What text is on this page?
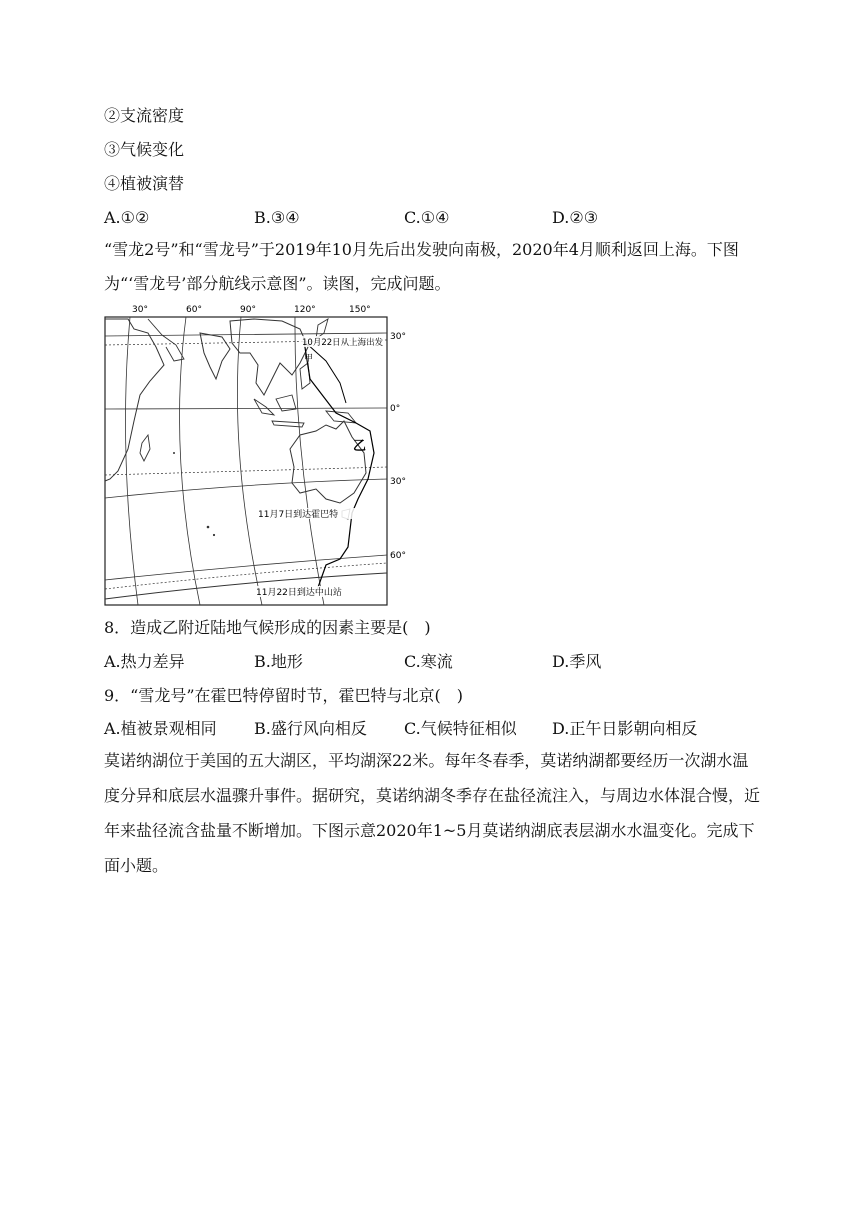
②支流密度
③气候变化
④植被演替
A.①②	B.③④	C.①④	D.②③
“雪龙2号”和“雪龙号”于2019年10月先后出发驶向南极，2020年4月顺利返回上海。下图为“‘雪龙号’部分航线示意图”。读图，完成问题。
30°	60°	90°	120°	150°
30°
0°
30°
60°
10月22日从上海出发
甲
乙
11月7日到达霍巴特
11月22日到达中山站
8．造成乙附近陆地气候形成的因素主要是(　)
A.热力差异	B.地形	C.寒流	D.季风
9．“雪龙号”在霍巴特停留时节，霍巴特与北京(　)
A.植被景观相同 B.盛行风向相反 C.气候特征相似 D.正午日影朝向相反
莫诺纳湖位于美国的五大湖区，平均湖深22米。每年冬春季，莫诺纳湖都要经历一次湖水温度分异和底层水温骤升事件。据研究，莫诺纳湖冬季存在盐径流注入，与周边水体混合慢，近年来盐径流含盐量不断增加。下图示意2020年1~5月莫诺纳湖底表层湖水水温变化。完成下面小题。
